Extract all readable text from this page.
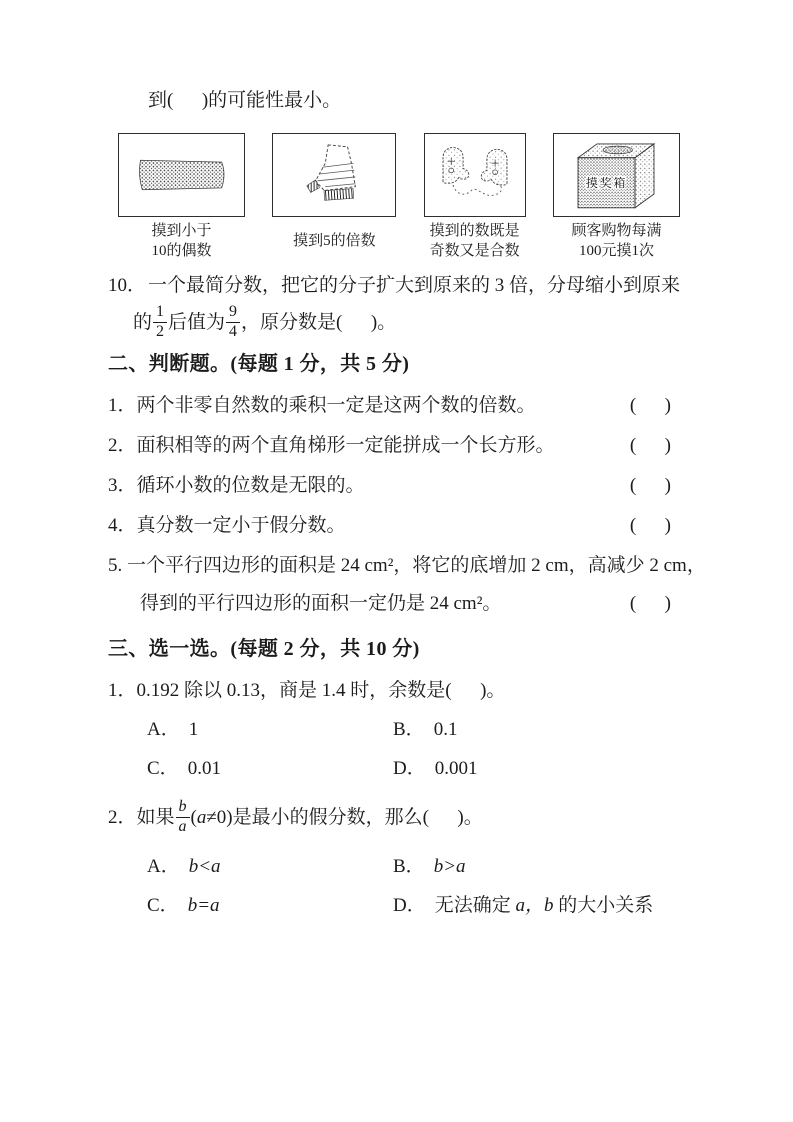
到(      )的可能性最小。
摸到小于
10的偶数
摸到5的倍数
摸到的数既是
奇数又是合数
摸奖箱
顾客购物每满
100元摸1次
10． 一个最简分数，把它的分子扩大到原来的 3 倍，分母缩小到原来
的 $\frac{1}{2}$ 后值为 $\frac{9}{4}$ ，原分数是(      )。
二、判断题。(每题 1 分，共 5 分)
1．两个非零自然数的乘积一定是这两个数的倍数。	(      )
2．面积相等的两个直角梯形一定能拼成一个长方形。	(      )
3．循环小数的位数是无限的。	(      )
4．真分数一定小于假分数。	(      )
5. 一个平行四边形的面积是 24 cm²，将它的底增加 2 cm，高减少 2 cm，
得到的平行四边形的面积一定仍是 24 cm²。	(      )
三、选一选。(每题 2 分，共 10 分)
1．0.192 除以 0.13，商是 1.4 时，余数是(      )。
A． 1	B． 0.1
C． 0.01	D． 0.001
2．如果 $\frac{b}{a}$ ( a ≠0)是最小的假分数，那么(      )。
A． b<a	B． b>a
C． b=a	D． 无法确定 a，b 的大小关系
